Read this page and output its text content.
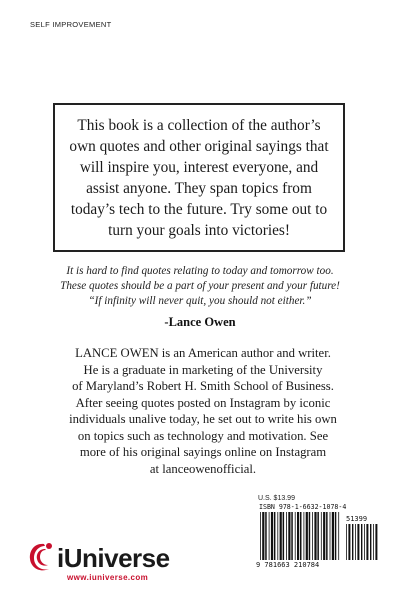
SELF IMPROVEMENT

This book is a collection of the author’s own quotes and other original sayings that will inspire you, interest everyone, and assist anyone. They span topics from today’s tech to the future. Try some out to turn your goals into victories!

It is hard to find quotes relating to today and tomorrow too.
These quotes should be a part of your present and your future!
“If infinity will never quit, you should not either.”
-Lance Owen
LANCE OWEN is an American author and writer.
He is a graduate in marketing of the University
of Maryland’s Robert H. Smith School of Business.
After seeing quotes posted on Instagram by iconic
individuals unalive today, he set out to write his own
on topics such as technology and motivation. See
more of his original sayings online on Instagram
at lanceowenofficial.
U.S. $13.99
ISBN 978-1-6632-1078-4
51399
9 781663 210784
iUniverse
www.iuniverse.com
